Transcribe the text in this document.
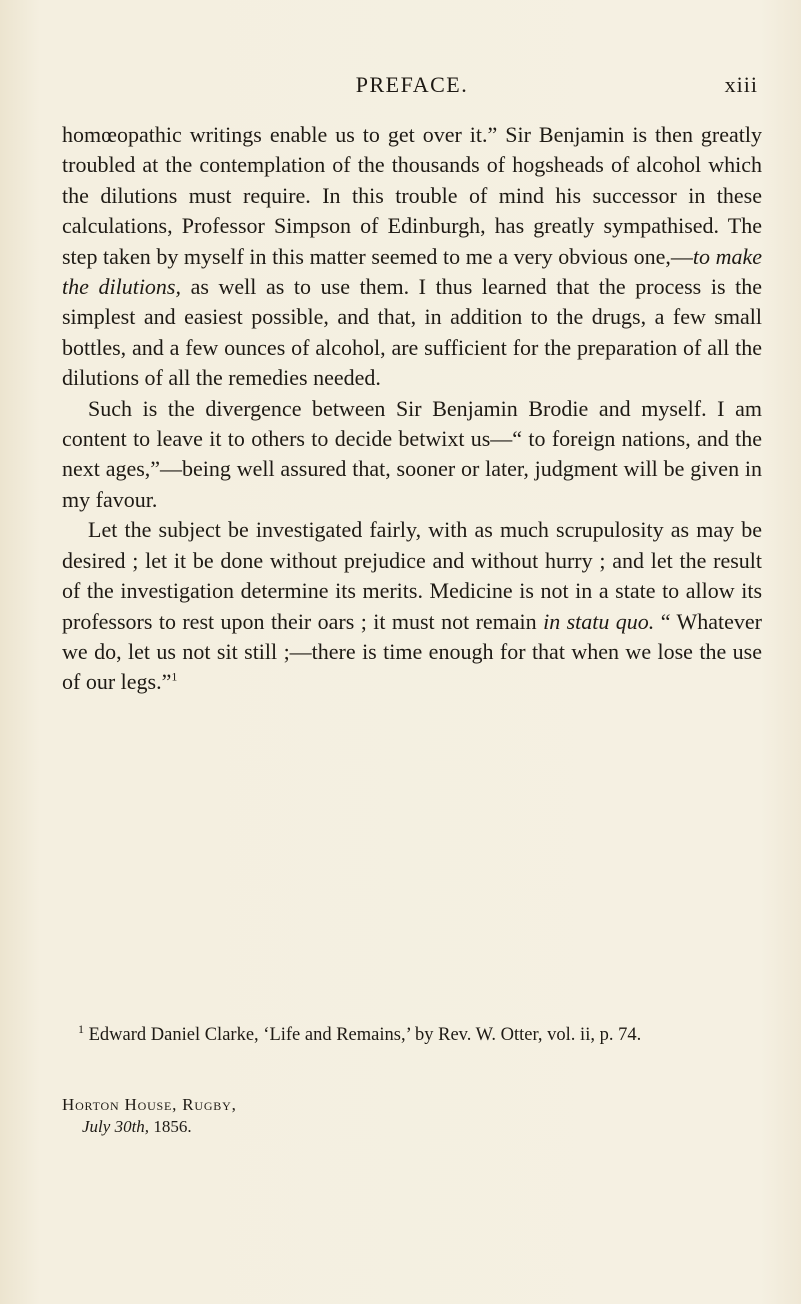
PREFACE.	xiii

homœopathic writings enable us to get over it.” Sir Benjamin is then greatly troubled at the contemplation of the thousands of hogsheads of alcohol which the dilutions must require. In this trouble of mind his successor in these calculations, Professor Simpson of Edinburgh, has greatly sympathised. The step taken by myself in this matter seemed to me a very obvious one,—to make the dilutions, as well as to use them. I thus learned that the process is the simplest and easiest possible, and that, in addition to the drugs, a few small bottles, and a few ounces of alcohol, are sufficient for the preparation of all the dilutions of all the remedies needed.

Such is the divergence between Sir Benjamin Brodie and myself. I am content to leave it to others to decide betwixt us—“ to foreign nations, and the next ages,”—being well assured that, sooner or later, judgment will be given in my favour.

Let the subject be investigated fairly, with as much scrupulosity as may be desired ; let it be done without prejudice and without hurry ; and let the result of the investigation determine its merits. Medicine is not in a state to allow its professors to rest upon their oars ; it must not remain in statu quo. “ Whatever we do, let us not sit still ;—there is time enough for that when we lose the use of our legs.”$^1$

$^1$ Edward Daniel Clarke, ‘Life and Remains,’ by Rev. W. Otter, vol. ii, p. 74.
Horton House, Rugby,
July 30th, 1856.
